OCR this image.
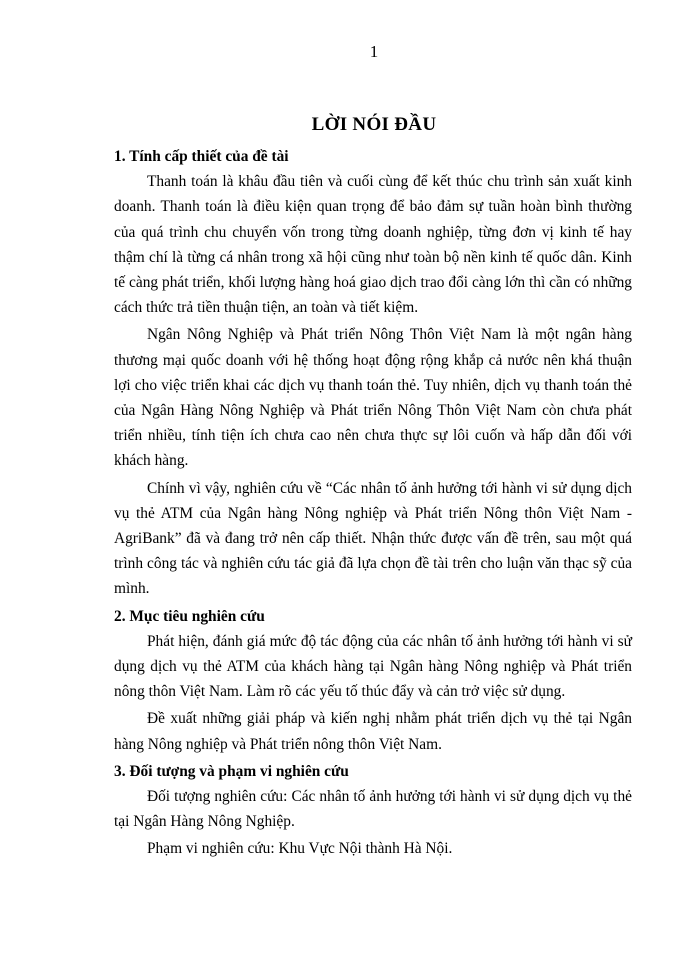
1
LỜI NÓI ĐẦU

1. Tính cấp thiết của đề tài

Thanh toán là khâu đầu tiên và cuối cùng để kết thúc chu trình sản xuất kinh doanh. Thanh toán là điều kiện quan trọng để bảo đảm sự tuần hoàn bình thường của quá trình chu chuyển vốn trong từng doanh nghiệp, từng đơn vị kinh tế hay thậm chí là từng cá nhân trong xã hội cũng như toàn bộ nền kinh tế quốc dân. Kinh tế càng phát triển, khối lượng hàng hoá giao dịch trao đổi càng lớn thì cần có những cách thức trả tiền thuận tiện, an toàn và tiết kiệm.

Ngân Nông Nghiệp và Phát triển Nông Thôn Việt Nam là một ngân hàng thương mại quốc doanh với hệ thống hoạt động rộng khắp cả nước nên khá thuận lợi cho việc triển khai các dịch vụ thanh toán thẻ. Tuy nhiên, dịch vụ thanh toán thẻ của Ngân Hàng Nông Nghiệp và Phát triển Nông Thôn Việt Nam còn chưa phát triển nhiều, tính tiện ích chưa cao nên chưa thực sự lôi cuốn và hấp dẫn đối với khách hàng.

Chính vì vậy, nghiên cứu về “Các nhân tố ảnh hưởng tới hành vi sử dụng dịch vụ thẻ ATM của Ngân hàng Nông nghiệp và Phát triển Nông thôn Việt Nam - AgriBank” đã và đang trở nên cấp thiết. Nhận thức được vấn đề trên, sau một quá trình công tác và nghiên cứu tác giả đã lựa chọn đề tài trên cho luận văn thạc sỹ của mình.

2. Mục tiêu nghiên cứu

Phát hiện, đánh giá mức độ tác động của các nhân tố ảnh hưởng tới hành vi sử dụng dịch vụ thẻ ATM của khách hàng tại Ngân hàng Nông nghiệp và Phát triển nông thôn Việt Nam. Làm rõ các yếu tố thúc đẩy và cản trở việc sử dụng.

Đề xuất những giải pháp và kiến nghị nhằm phát triển dịch vụ thẻ tại Ngân hàng Nông nghiệp và Phát triển nông thôn Việt Nam.

3. Đối tượng và phạm vi nghiên cứu

Đối tượng nghiên cứu: Các nhân tố ảnh hưởng tới hành vi sử dụng dịch vụ thẻ tại Ngân Hàng Nông Nghiệp.

Phạm vi nghiên cứu: Khu Vực Nội thành Hà Nội.
